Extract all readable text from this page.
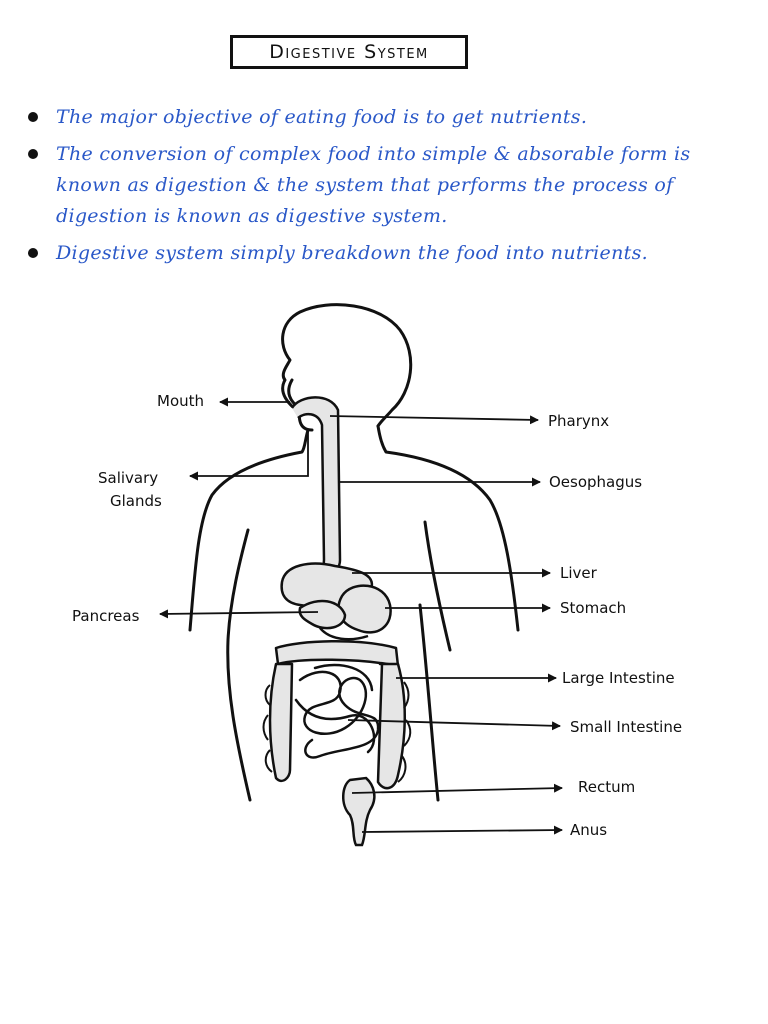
Digestive System
The major objective of eating food is to get nutrients.
The conversion of complex food into simple & absorable form is known as digestion & the system that performs the process of digestion is known as digestive system.
Digestive system simply breakdown the food into nutrients.
Mouth
Salivary
Glands
Pancreas
Pharynx
Oesophagus
Liver
Stomach
Large Intestine
Small Intestine
Rectum
Anus
